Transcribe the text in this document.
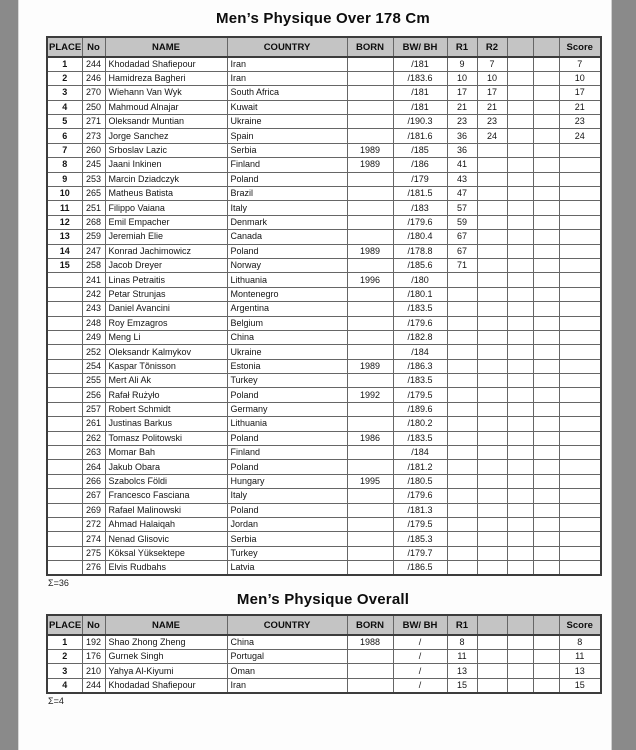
Men’s Physique Over 178 Cm
PLACE	No	NAME	COUNTRY	BORN	BW/ BH	R1	R2			Score
1	244	Khodadad Shafiepour	Iran		/181	9	7			7
2	246	Hamidreza Bagheri	Iran		/183.6	10	10			10
3	270	Wiehann Van Wyk	South Africa		/181	17	17			17
4	250	Mahmoud Alnajar	Kuwait		/181	21	21			21
5	271	Oleksandr Muntian	Ukraine		/190.3	23	23			23
6	273	Jorge Sanchez	Spain		/181.6	36	24			24
7	260	Srboslav Lazic	Serbia	1989	/185	36				
8	245	Jaani Inkinen	Finland	1989	/186	41				
9	253	Marcin Dziadczyk	Poland		/179	43				
10	265	Matheus Batista	Brazil		/181.5	47				
11	251	Filippo Vaiana	Italy		/183	57				
12	268	Emil Empacher	Denmark		/179.6	59				
13	259	Jeremiah Elie	Canada		/180.4	67				
14	247	Konrad Jachimowicz	Poland	1989	/178.8	67				
15	258	Jacob Dreyer	Norway		/185.6	71				
	241	Linas Petraitis	Lithuania	1996	/180					
	242	Petar Strunjas	Montenegro		/180.1					
	243	Daniel Avancini	Argentina		/183.5					
	248	Roy Emzagros	Belgium		/179.6					
	249	Meng Li	China		/182.8					
	252	Oleksandr Kalmykov	Ukraine		/184					
	254	Kaspar Tõnisson	Estonia	1989	/186.3					
	255	Mert Ali Ak	Turkey		/183.5					
	256	Rafał Rużyło	Poland	1992	/179.5					
	257	Robert Schmidt	Germany		/189.6					
	261	Justinas Barkus	Lithuania		/180.2					
	262	Tomasz Politowski	Poland	1986	/183.5					
	263	Momar Bah	Finland		/184					
	264	Jakub Obara	Poland		/181.2					
	266	Szabolcs Földi	Hungary	1995	/180.5					
	267	Francesco Fasciana	Italy		/179.6					
	269	Rafael Malinowski	Poland		/181.3					
	272	Ahmad Halaiqah	Jordan		/179.5					
	274	Nenad Glisovic	Serbia		/185.3					
	275	Köksal Yüksektepe	Turkey		/179.7					
	276	Elvis Rudbahs	Latvia		/186.5					
Σ=36
Men’s Physique Overall
PLACE	No	NAME	COUNTRY	BORN	BW/ BH	R1				Score
1	192	Shao Zhong Zheng	China	1988	/	8				8
2	176	Gurnek Singh	Portugal		/	11				11
3	210	Yahya Al-Kiyumi	Oman		/	13				13
4	244	Khodadad Shafiepour	Iran		/	15				15
Σ=4
